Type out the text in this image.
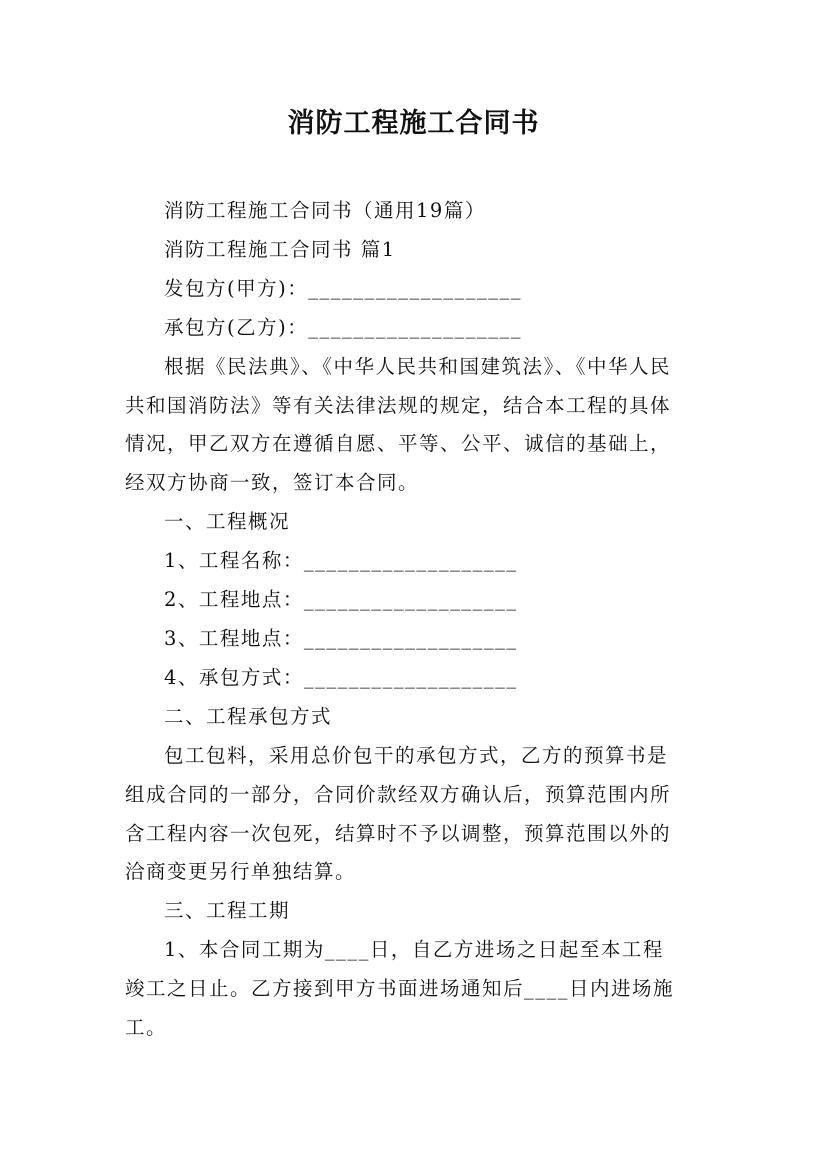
消防工程施工合同书
消防工程施工合同书（通用19篇）
消防工程施工合同书 篇1
发包方(甲方)：___________________
承包方(乙方)：___________________
根据《民法典》、《中华人民共和国建筑法》、《中华人民
共和国消防法》等有关法律法规的规定，结合本工程的具体
情况，甲乙双方在遵循自愿、平等、公平、诚信的基础上，
经双方协商一致，签订本合同。
一、工程概况
1、工程名称：___________________
2、工程地点：___________________
3、工程地点：___________________
4、承包方式：___________________
二、工程承包方式
包工包料，采用总价包干的承包方式，乙方的预算书是
组成合同的一部分，合同价款经双方确认后，预算范围内所
含工程内容一次包死，结算时不予以调整，预算范围以外的
洽商变更另行单独结算。
三、工程工期
1、本合同工期为____日，自乙方进场之日起至本工程
竣工之日止。乙方接到甲方书面进场通知后____日内进场施
工。
